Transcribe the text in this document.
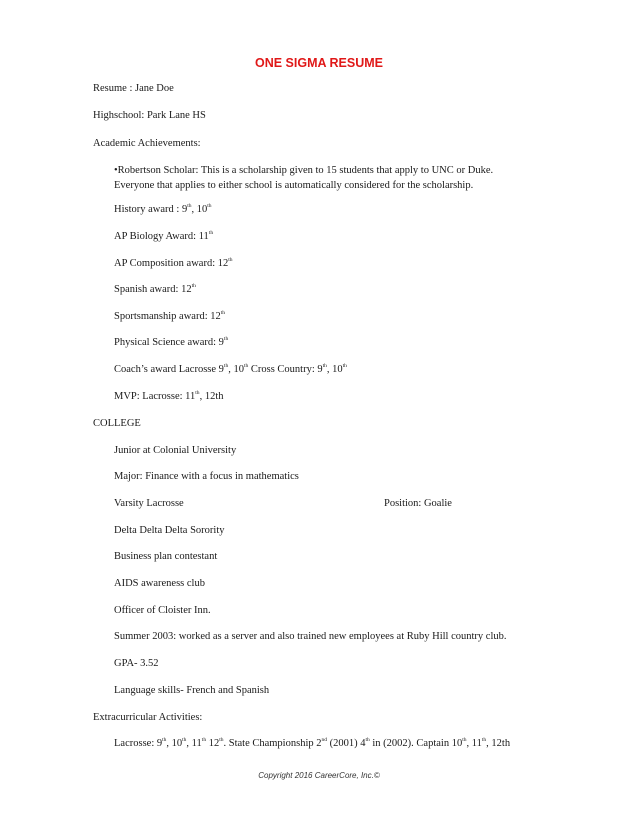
ONE SIGMA RESUME
Resume : Jane Doe
Highschool: Park Lane HS
Academic Achievements:
•Robertson Scholar: This is a scholarship given to 15 students that apply to UNC or Duke. Everyone that applies to either school is automatically considered for the scholarship.
History award : 9th, 10th
AP Biology Award: 11th
AP Composition award: 12th
Spanish award: 12th
Sportsmanship award: 12th
Physical Science award: 9th
Coach’s award Lacrosse 9th, 10th Cross Country: 9th, 10th
MVP: Lacrosse: 11th, 12th
COLLEGE
Junior at Colonial University
Major: Finance with a focus in mathematics
Varsity Lacrosse	Position: Goalie
Delta Delta Delta Sorority
Business plan contestant
AIDS awareness club
Officer of Cloister Inn.
Summer 2003: worked as a server and also trained new employees at Ruby Hill country club.
GPA- 3.52
Language skills- French and Spanish
Extracurricular Activities:
Lacrosse: 9th, 10th, 11th 12th. State Championship 2nd (2001) 4th in (2002). Captain 10th, 11th, 12th
Copyright 2016 CareerCore, Inc.©
